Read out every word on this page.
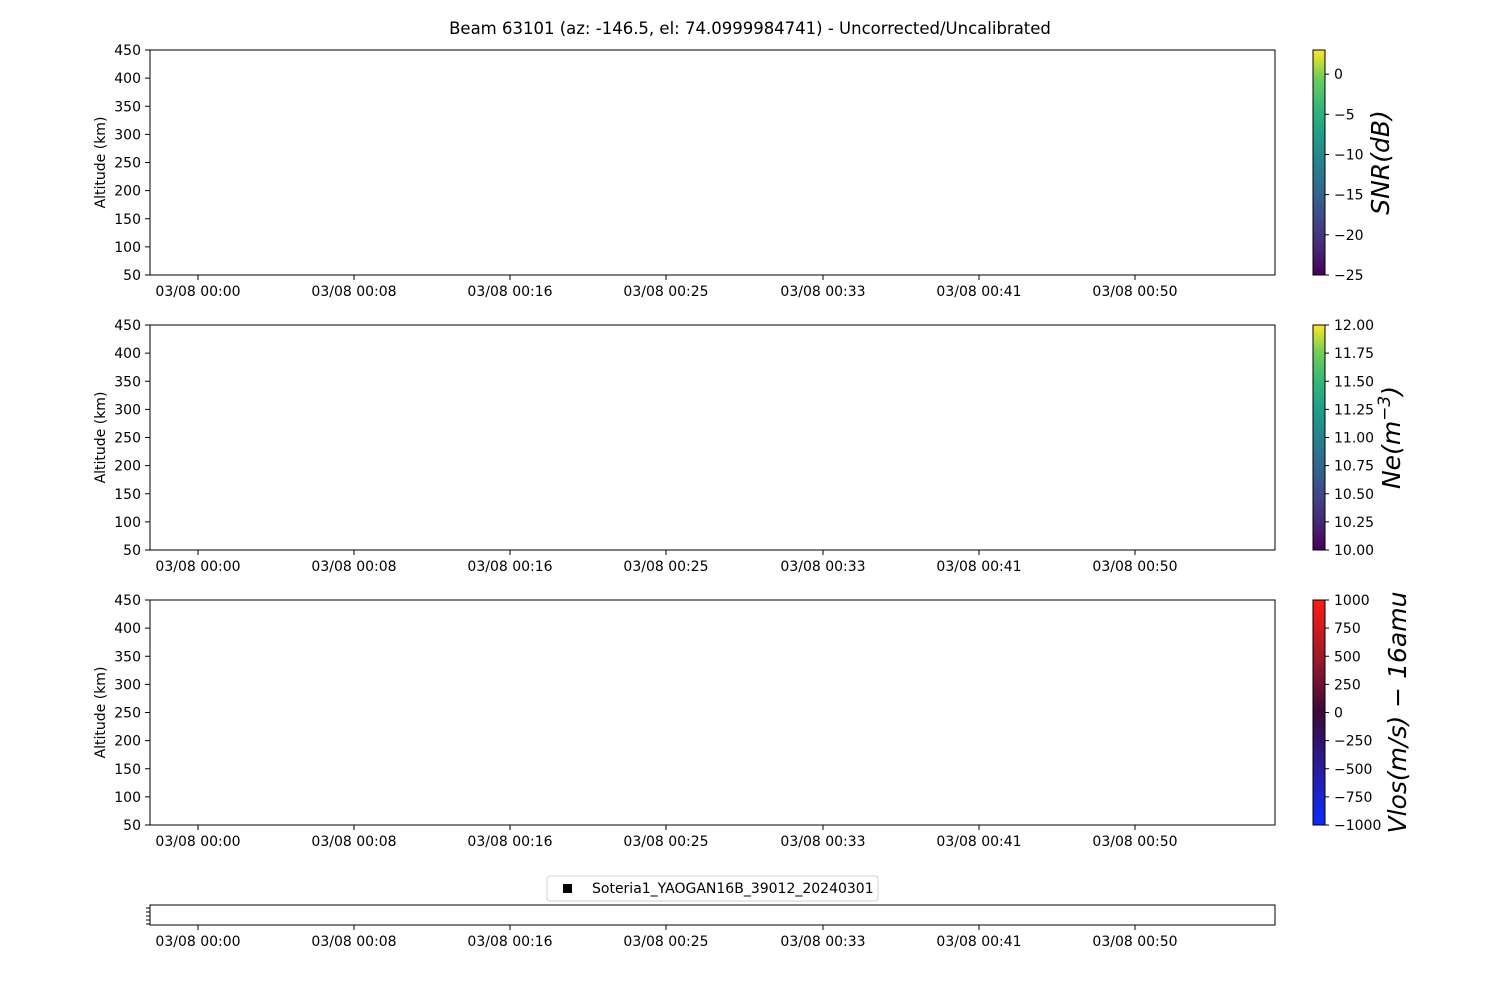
Beam 63101 (az: -146.5, el: 74.0999984741) - Uncorrected/Uncalibrated
450
400
350
300
250
200
150
100
50
03/08 00:00	03/08 00:08	03/08 00:16	03/08 00:25	03/08 00:33	03/08 00:41	03/08 00:50
Altitude (km)
0
−5
−10
−15
−20
−25
SNR(dB)
450
400
350
300
250
200
150
100
50
03/08 00:00	03/08 00:08	03/08 00:16	03/08 00:25	03/08 00:33	03/08 00:41	03/08 00:50
Altitude (km)
12.00
11.75
11.50
11.25
11.00
10.75
10.50
10.25
10.00
$Ne(m^{-3})$
450
400
350
300
250
200
150
100
50
03/08 00:00	03/08 00:08	03/08 00:16	03/08 00:25	03/08 00:33	03/08 00:41	03/08 00:50
Altitude (km)
1000
750
500
250
0
−250
−500
−750
−1000 Vlos(m/s) − 16amu
03/08 00:00	03/08 00:08	03/08 00:16	03/08 00:25	03/08 00:33	03/08 00:41	03/08 00:50
Soteria1_YAOGAN16B_39012_20240301
